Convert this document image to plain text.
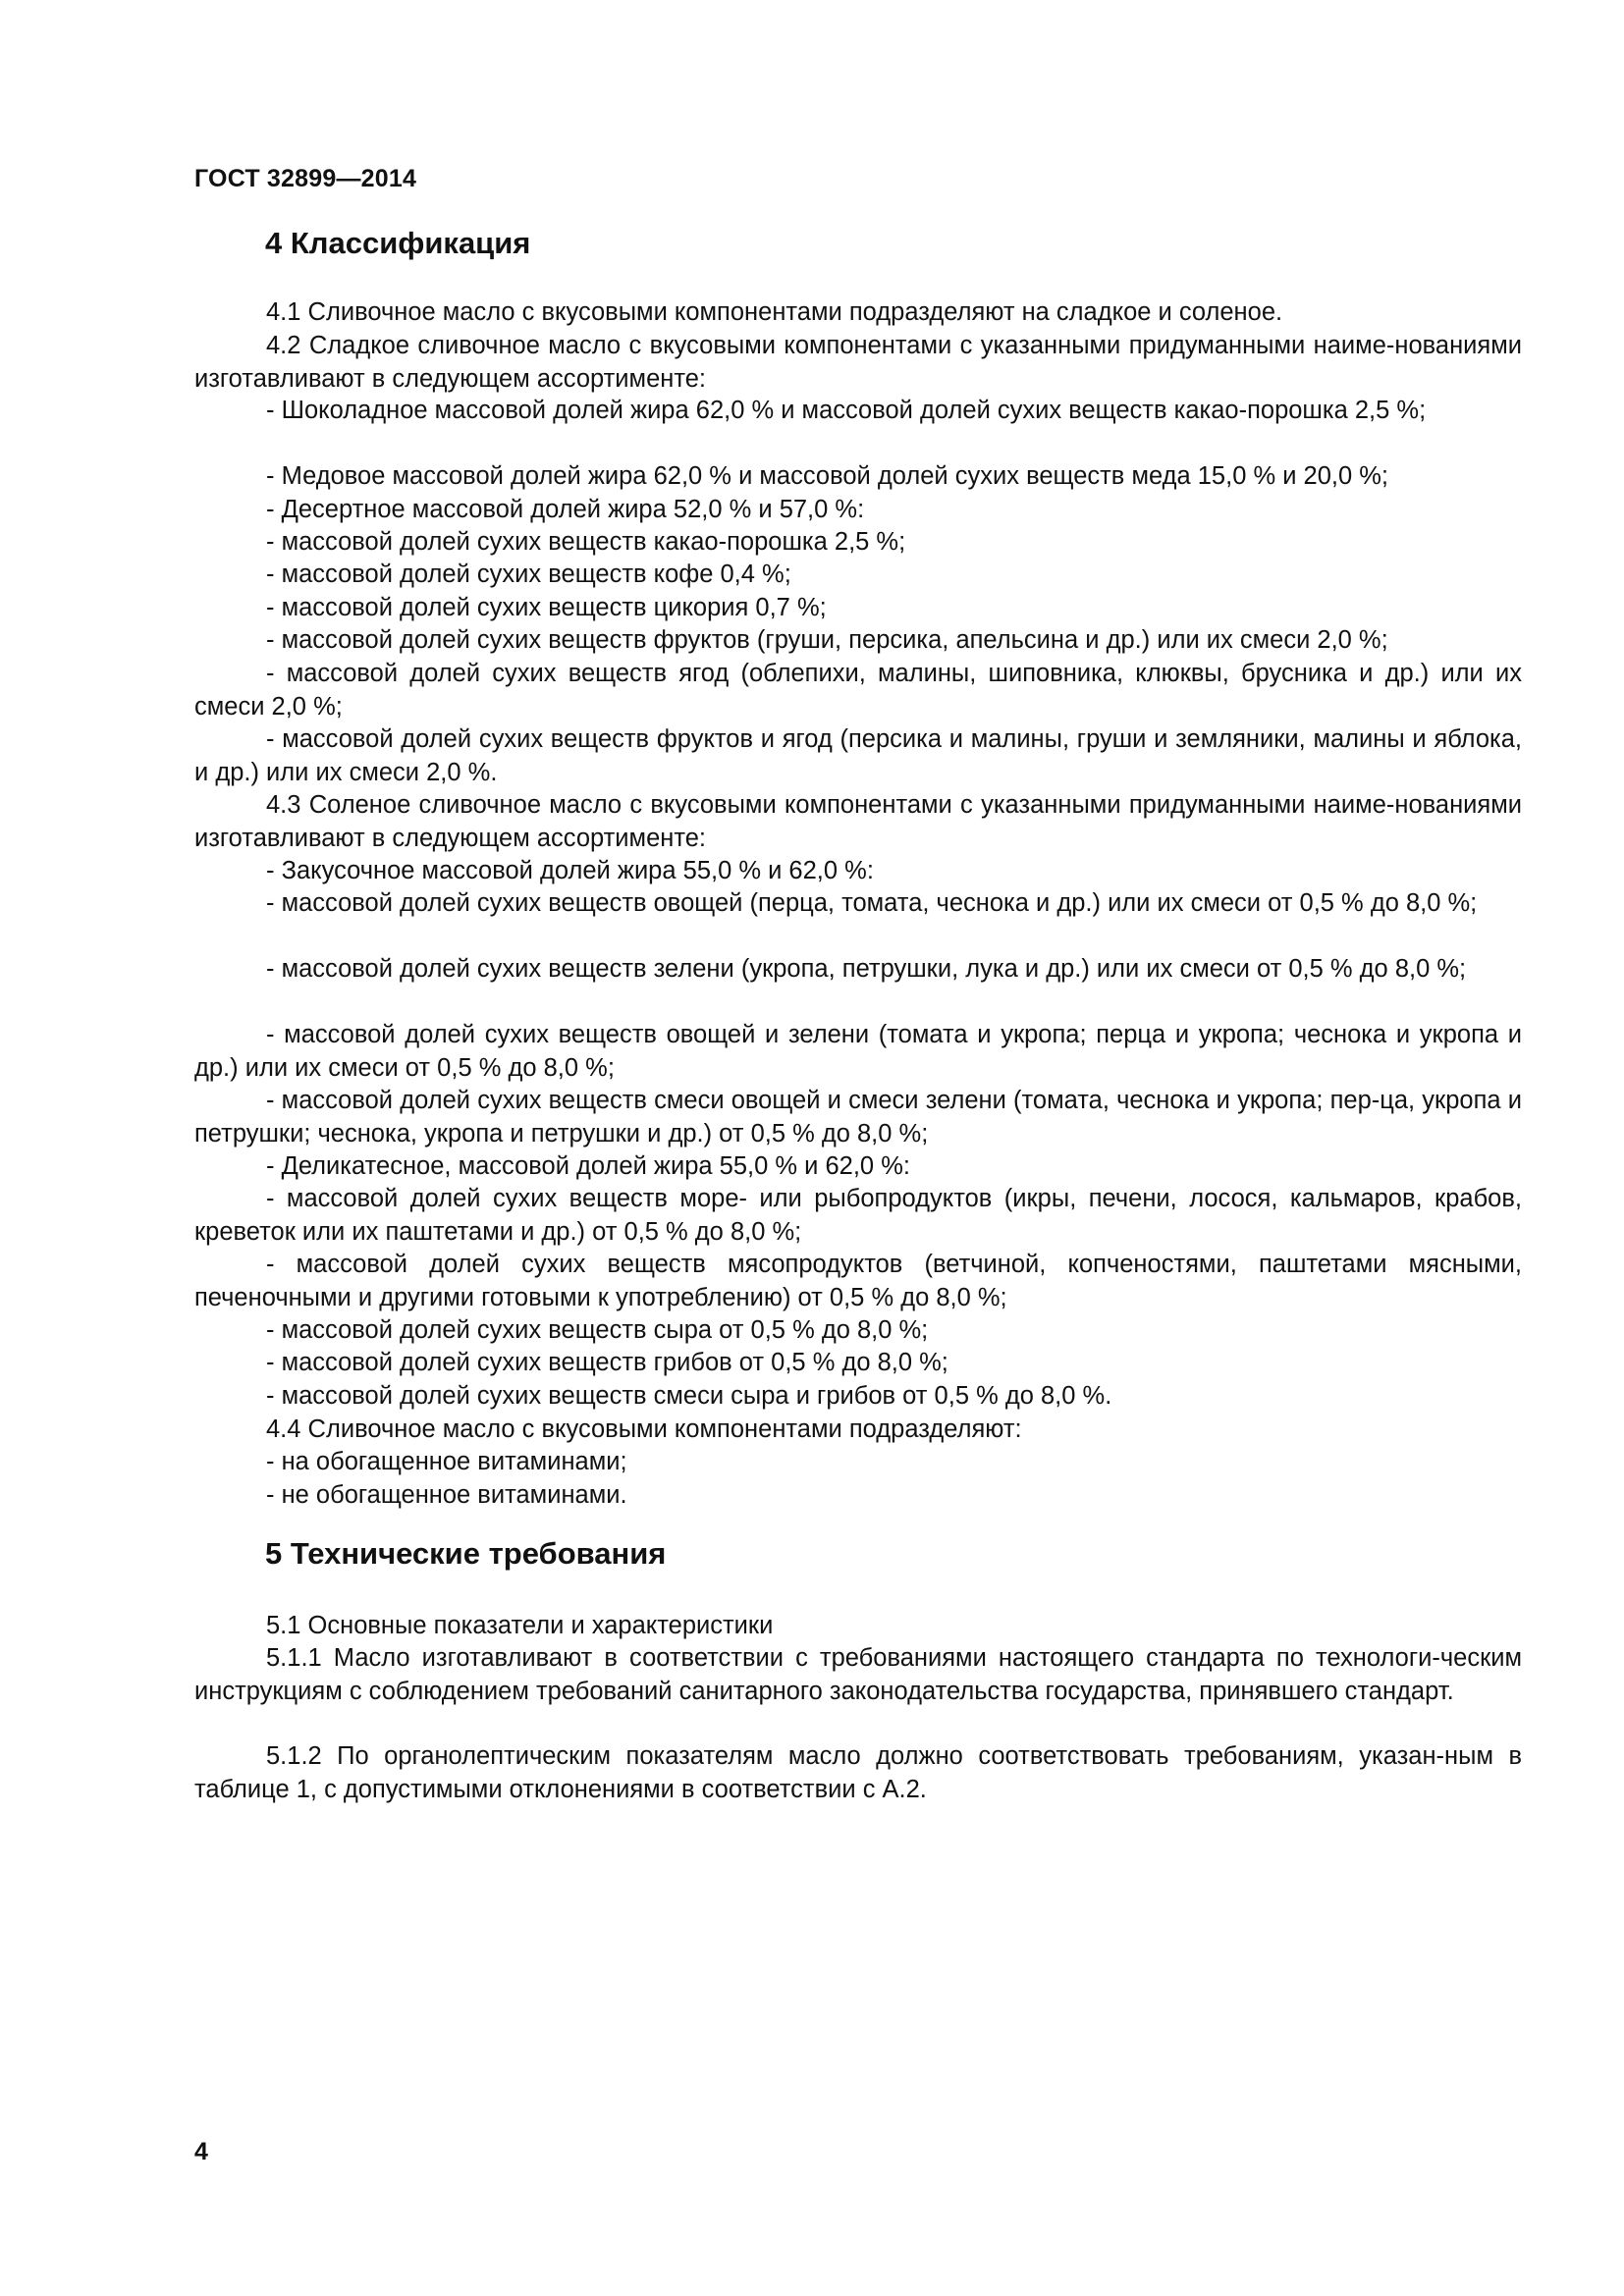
ГОСТ 32899—2014
4 Классификация

4.1 Сливочное масло с вкусовыми компонентами подразделяют на сладкое и соленое.

4.2 Сладкое сливочное масло с вкусовыми компонентами с указанными придуманными наиме-нованиями изготавливают в следующем ассортименте:

- Шоколадное массовой долей жира 62,0 % и массовой долей сухих веществ какао-порошка 2,5 %;

- Медовое массовой долей жира 62,0 % и массовой долей сухих веществ меда 15,0 % и 20,0 %;

- Десертное массовой долей жира 52,0 % и 57,0 %:

- массовой долей сухих веществ какао-порошка 2,5 %;

- массовой долей сухих веществ кофе 0,4 %;

- массовой долей сухих веществ цикория 0,7 %;

- массовой долей сухих веществ фруктов (груши, персика, апельсина и др.) или их смеси 2,0 %;

- массовой долей сухих веществ ягод (облепихи, малины, шиповника, клюквы, брусника и др.) или их смеси 2,0 %;

- массовой долей сухих веществ фруктов и ягод (персика и малины, груши и земляники, малины и яблока, и др.) или их смеси 2,0 %.

4.3 Соленое сливочное масло с вкусовыми компонентами с указанными придуманными наиме-нованиями изготавливают в следующем ассортименте:

- Закусочное массовой долей жира 55,0 % и 62,0 %:

- массовой долей сухих веществ овощей (перца, томата, чеснока и др.) или их смеси от 0,5 % до 8,0 %;

- массовой долей сухих веществ зелени (укропа, петрушки, лука и др.) или их смеси от 0,5 % до 8,0 %;

- массовой долей сухих веществ овощей и зелени (томата и укропа; перца и укропа; чеснока и укропа и др.) или их смеси от 0,5 % до 8,0 %;

- массовой долей сухих веществ смеси овощей и смеси зелени (томата, чеснока и укропа; пер-ца, укропа и петрушки; чеснока, укропа и петрушки и др.) от 0,5 % до 8,0 %;

- Деликатесное, массовой долей жира 55,0 % и 62,0 %:

- массовой долей сухих веществ море- или рыбопродуктов (икры, печени, лосося, кальмаров, крабов, креветок или их паштетами и др.) от 0,5 % до 8,0 %;

- массовой долей сухих веществ мясопродуктов (ветчиной, копченостями, паштетами мясными, печеночными и другими готовыми к употреблению) от 0,5 % до 8,0 %;

- массовой долей сухих веществ сыра от 0,5 % до 8,0 %;

- массовой долей сухих веществ грибов от 0,5 % до 8,0 %;

- массовой долей сухих веществ смеси сыра и грибов от 0,5 % до 8,0 %.

4.4 Сливочное масло с вкусовыми компонентами подразделяют:

- на обогащенное витаминами;

- не обогащенное витаминами.

5 Технические требования

5.1 Основные показатели и характеристики

5.1.1 Масло изготавливают в соответствии с требованиями настоящего стандарта по технологи-ческим инструкциям с соблюдением требований санитарного законодательства государства, принявшего стандарт.

5.1.2 По органолептическим показателям масло должно соответствовать требованиям, указан-ным в таблице 1, с допустимыми отклонениями в соответствии с А.2.

4
